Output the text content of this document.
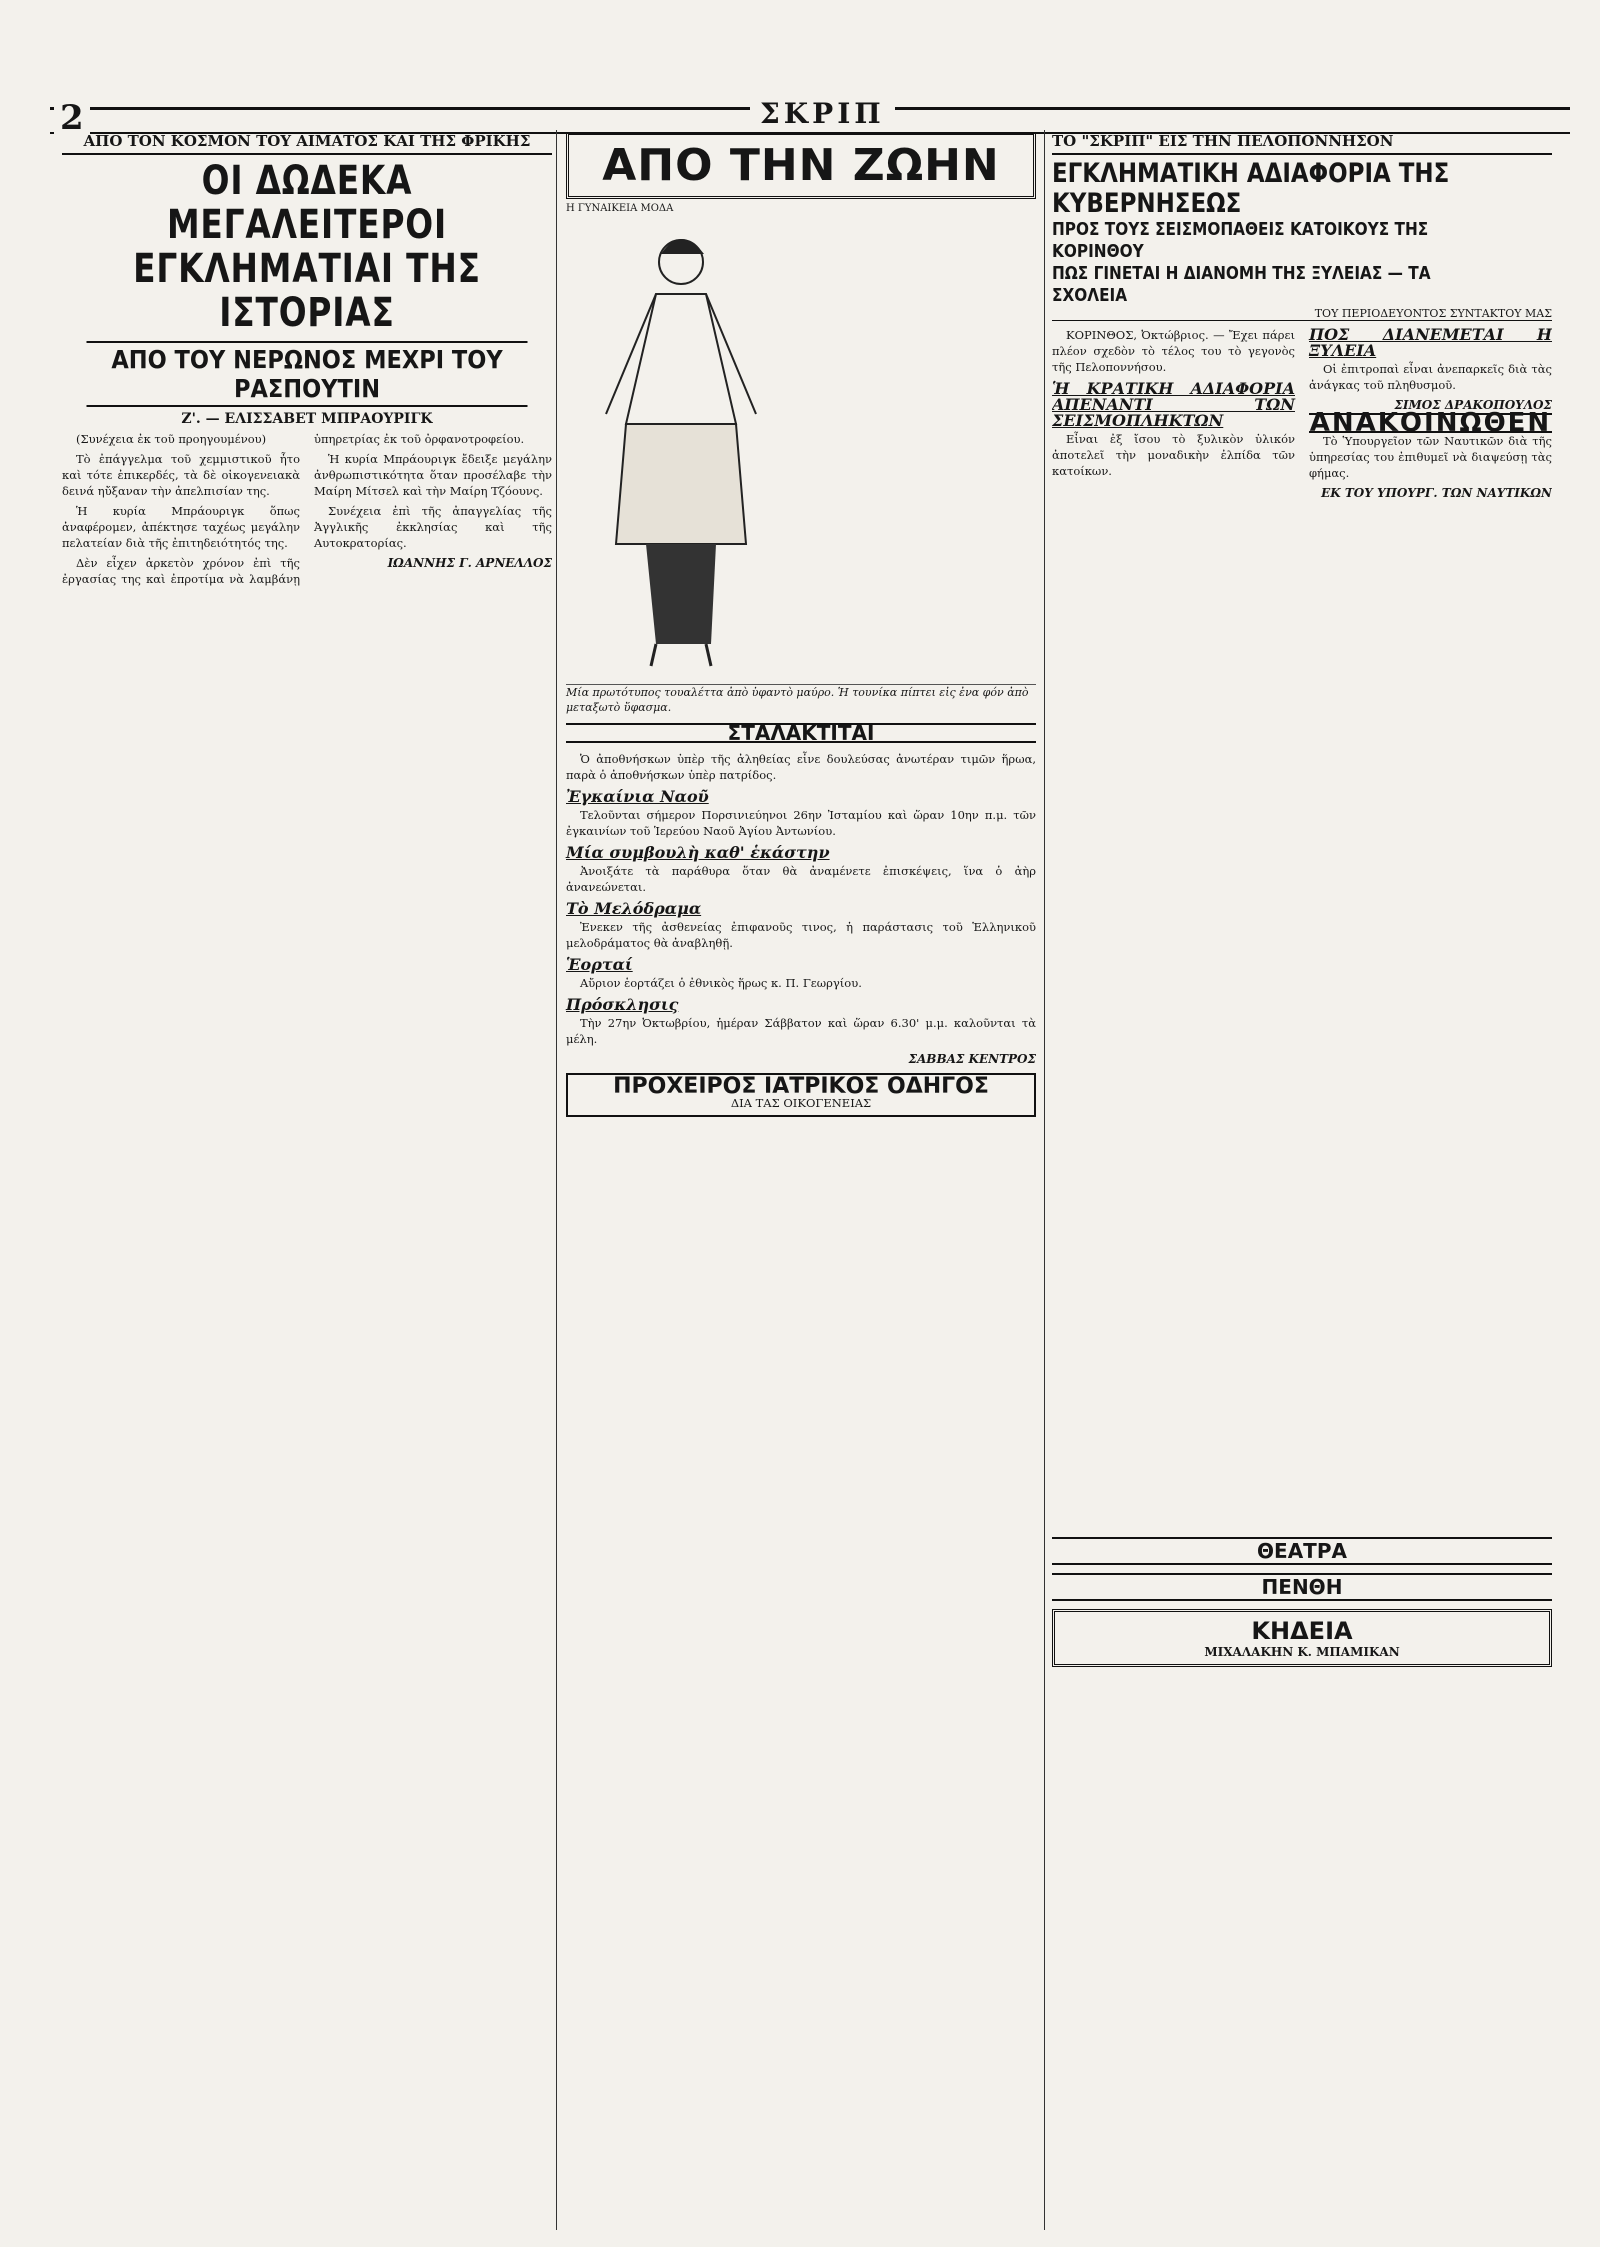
2	ΣΚΡΙΠ
ΑΠΟ ΤΟΝ ΚΟΣΜΟΝ ΤΟΥ ΑΙΜΑΤΟΣ ΚΑΙ ΤΗΣ ΦΡΙΚΗΣ
ΟΙ ΔΩΔΕΚΑ ΜΕΓΑΛΕΙΤΕΡΟΙ
ΕΓΚΛΗΜΑΤΙΑΙ ΤΗΣ ΙΣΤΟΡΙΑΣ
ΑΠΟ ΤΟΥ ΝΕΡΩΝΟΣ ΜΕΧΡΙ ΤΟΥ ΡΑΣΠΟΥΤΙΝ
Ζ'. — ΕΛΙΣΣΑΒΕΤ ΜΠΡΑΟΥΡΙΓΚ

(Συνέχεια ἐκ τοῦ προηγουμένου)

Τὸ ἐπάγγελμα τοῦ χεμμιστικοῦ ἦτο καὶ τότε ἐπικερδές, τὰ δὲ οἰκογενειακὰ δεινά ηὔξαναν τὴν ἀπελπισίαν της.

Ἡ κυρία Μπράουριγκ ὅπως ἀναφέρομεν, ἀπέκτησε ταχέως μεγάλην πελατείαν διὰ τῆς ἐπιτηδειότητός της.

Δὲν εἶχεν ἀρκετὸν χρόνον ἐπὶ τῆς ἐργασίας της καὶ ἐπροτίμα νὰ λαμβάνῃ ὑπηρετρίας ἐκ τοῦ ὀρφανοτροφείου.

Ἡ κυρία Μπράουριγκ ἔδειξε μεγάλην ἀνθρωπιστικότητα ὅταν προσέλαβε τὴν Μαίρη Μίτσελ καὶ τὴν Μαίρη Τζόουνς.

Συνέχεια ἐπὶ τῆς ἀπαγγελίας τῆς Ἀγγλικῆς ἐκκλησίας καὶ τῆς Αυτοκρατορίας.

ΙΩΑΝΝΗΣ Γ. ΑΡΝΕΛΛΟΣ
ΑΠΟ ΤΗΝ ΖΩΗΝ
Η ΓΥΝΑΙΚΕΙΑ ΜΟΔΑ
Μία πρωτότυπος τουαλέττα ἀπὸ ὑφαντὸ μαύρο. Ἡ τουνίκα πίπτει εἰς ἐνα φόν ἀπὸ μεταξωτὸ ὕφασμα.
ΣΤΑΛΑΚΤΙΤΑΙ

Ὁ ἀποθνήσκων ὑπὲρ τῆς ἀληθείας εἶνε δουλεύσας ἀνωτέραν τιμῶν ἥρωα, παρὰ ὁ ἀποθνήσκων ὑπὲρ πατρίδος.

Ἐγκαίνια Ναοῦ

Τελοῦνται σήμερον Πορσινιεύηνοι 26ην Ἰσταμίου καὶ ὥραν 10ην π.μ. τῶν ἐγκαινίων τοῦ Ἱερεύου Ναοῦ Ἀγίου Ἀντωνίου.

Μία συμβουλὴ καθ' ἑκάστην

Ἀνοιξάτε τὰ παράθυρα ὅταν θὰ ἀναμένετε ἐπισκέψεις, ἵνα ὁ ἀὴρ ἀνανεώνεται.

Τὸ Μελόδραμα

Ἐνεκεν τῆς ἀσθενείας ἐπιφανοῦς τινος, ἡ παράστασις τοῦ Ἑλληνικοῦ μελοδράματος θὰ ἀναβληθῇ.

Ἑορταί

Αὔριον ἑορτάζει ὁ ἐθνικὸς ἥρως κ. Π. Γεωργίου.

Πρόσκλησις

Τὴν 27ην Ὀκτωβρίου, ἡμέραν Σάββατον καὶ ὥραν 6.30' μ.μ. καλοῦνται τὰ μέλη.

ΣΑΒΒΑΣ ΚΕΝΤΡΟΣ
ΠΡΟΧΕΙΡΟΣ ΙΑΤΡΙΚΟΣ ΟΔΗΓΟΣ
ΔΙΑ ΤΑΣ ΟΙΚΟΓΕΝΕΙΑΣ
ΤΟ "ΣΚΡΙΠ" ΕΙΣ ΤΗΝ ΠΕΛΟΠΟΝΝΗΣΟΝ
ΕΓΚΛΗΜΑΤΙΚΗ ΑΔΙΑΦΟΡΙΑ ΤΗΣ ΚΥΒΕΡΝΗΣΕΩΣ
ΠΡΟΣ ΤΟΥΣ ΣΕΙΣΜΟΠΑΘΕΙΣ ΚΑΤΟΙΚΟΥΣ ΤΗΣ ΚΟΡΙΝΘΟΥ
ΠΩΣ ΓΙΝΕΤΑΙ Η ΔΙΑΝΟΜΗ ΤΗΣ ΞΥΛΕΙΑΣ — ΤΑ ΣΧΟΛΕΙΑ
ΤΟΥ ΠΕΡΙΟΔΕΥΟΝΤΟΣ ΣΥΝΤΑΚΤΟΥ ΜΑΣ

ΚΟΡΙΝΘΟΣ, Ὀκτώβριος. — Ἔχει πάρει πλέον σχεδὸν τὸ τέλος του τὸ γεγονὸς τῆς Πελοποννήσου.

Ἡ ΚΡΑΤΙΚΗ ΑΔΙΑΦΟΡΙΑ ΑΠΕΝΑΝΤΙ ΤΩΝ ΣΕΙΣΜΟΠΛΗΚΤΩΝ

Εἶναι ἐξ ἴσου τὸ ξυλικὸν ὑλικόν ἀποτελεῖ τὴν μοναδικὴν ἐλπίδα τῶν κατοίκων.

ΠΟΣ ΔΙΑΝΕΜΕΤΑΙ Η ΞΥΛΕΙΑ

Οἱ ἐπιτροπαὶ εἶναι ἀνεπαρκεῖς διὰ τὰς ἀνάγκας τοῦ πληθυσμοῦ.

ΣΙΜΟΣ ΔΡΑΚΟΠΟΥΛΟΣ
ΑΝΑΚΟΙΝΩΘΕΝ

Τὸ Ὑπουργεῖον τῶν Ναυτικῶν διὰ τῆς ὑπηρεσίας του ἐπιθυμεῖ νὰ διαψεύσῃ τὰς φήμας.

ΕΚ ΤΟΥ ΥΠΟΥΡΓ. ΤΩΝ ΝΑΥΤΙΚΩΝ
ΘΕΑΤΡΑ
ΠΕΝΘΗ
ΚΗΔΕΙΑ
ΜΙΧΑΛΑΚΗΝ Κ. ΜΠΑΜΙΚΑΝ
